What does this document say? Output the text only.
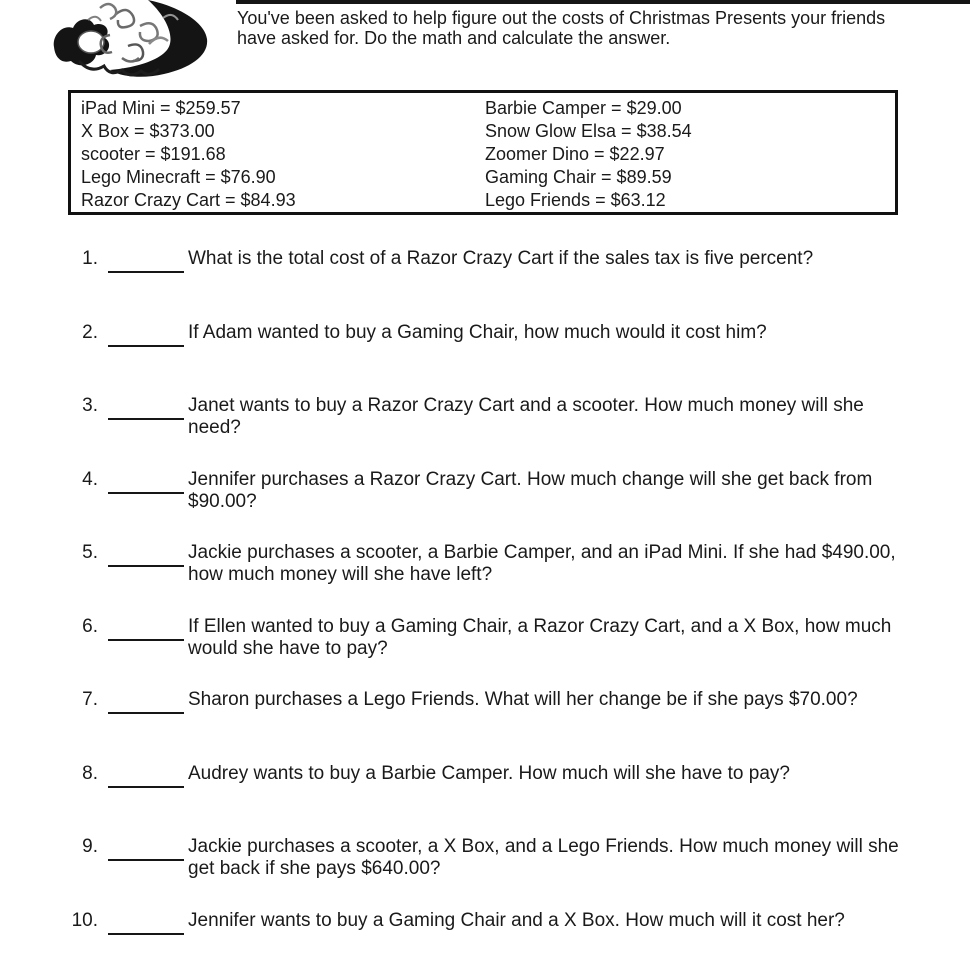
You've been asked to help figure out the costs of Christmas Presents your friends have asked for. Do the math and calculate the answer.
iPad Mini = $259.57
X Box = $373.00
scooter = $191.68
Lego Minecraft = $76.90
Razor Crazy Cart = $84.93
Barbie Camper = $29.00
Snow Glow Elsa = $38.54
Zoomer Dino = $22.97
Gaming Chair = $89.59
Lego Friends = $63.12
1.	What is the total cost of a Razor Crazy Cart if the sales tax is five percent?
2.	If Adam wanted to buy a Gaming Chair, how much would it cost him?
3.	Janet wants to buy a Razor Crazy Cart and a scooter. How much money will she need?
4.	Jennifer purchases a Razor Crazy Cart. How much change will she get back from $90.00?
5.	Jackie purchases a scooter, a Barbie Camper, and an iPad Mini. If she had $490.00, how much money will she have left?
6.	If Ellen wanted to buy a Gaming Chair, a Razor Crazy Cart, and a X Box, how much would she have to pay?
7.	Sharon purchases a Lego Friends. What will her change be if she pays $70.00?
8.	Audrey wants to buy a Barbie Camper. How much will she have to pay?
9.	Jackie purchases a scooter, a X Box, and a Lego Friends. How much money will she get back if she pays $640.00?
10.	Jennifer wants to buy a Gaming Chair and a X Box. How much will it cost her?
